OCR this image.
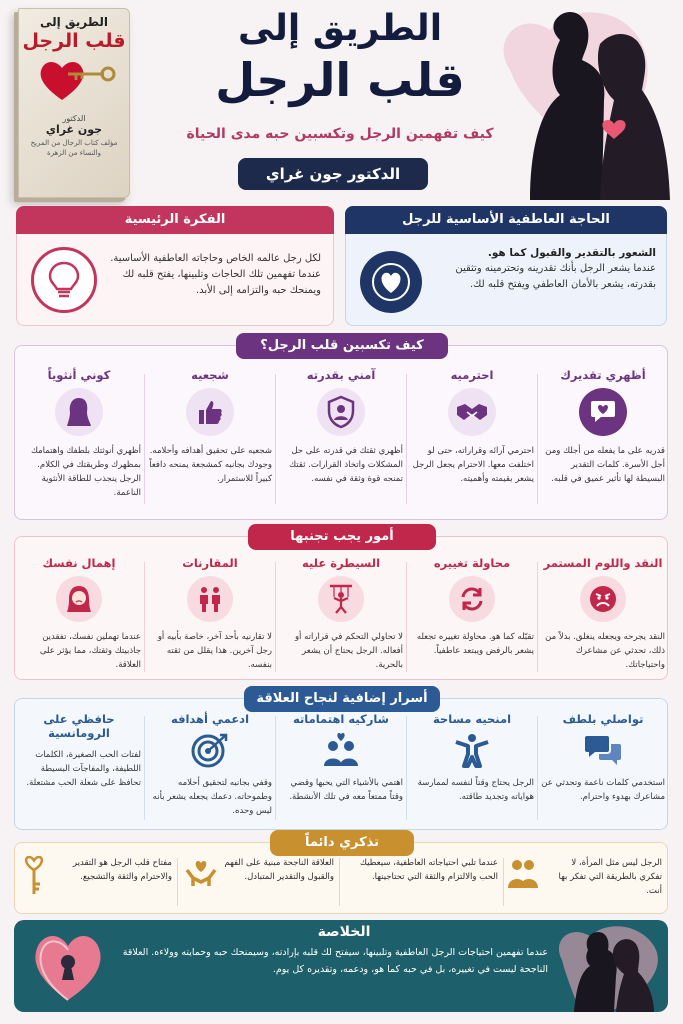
الطريق إلى
قلب الرجل
الدكتور
جون غراي
مؤلف كتاب الرجال من المريخ والنساء من الزهرة
الطريق إلى
قلب الرجل
كيف تفهمين الرجل وتكسبين حبه مدى الحياة
الدكتور جون غراي
الحاجة العاطفية الأساسية للرجل
الشعور بالتقدير والقبول كما هو.
عندما يشعر الرجل بأنك تقدرينه وتحترمينه وتثقين بقدرته، يشعر بالأمان العاطفي ويفتح قلبه لك.
الفكرة الرئيسية
لكل رجل عالمه الخاص وحاجاته العاطفية الأساسية. عندما تفهمين تلك الحاجات وتلبينها، يفتح قلبه لك ويمنحك حبه والتزامه إلى الأبد.
كيف تكسبين قلب الرجل؟
أظهري تقديرك
قدريه على ما يفعله من أجلك ومن أجل الأسرة. كلمات التقدير البسيطة لها تأثير عميق في قلبه.
احترميه
احترمي آرائه وقراراته، حتى لو اختلفت معها. الاحترام يجعل الرجل يشعر بقيمته وأهميته.
آمني بقدرته
أظهري ثقتك في قدرته على حل المشكلات واتخاذ القرارات. ثقتك تمنحه قوة وثقة في نفسه.
شجعيه
شجعيه على تحقيق أهدافه وأحلامه. وجودك بجانبه كمشجعة يمنحه دافعاً كبيراً للاستمرار.
كوني أنثوياً
أظهري أنوثتك بلطفك واهتمامك بمظهرك وطريقتك في الكلام. الرجل ينجذب للطاقة الأنثوية الناعمة.
أمور يجب تجنبها
النقد واللوم المستمر
النقد يجرحه ويجعله ينغلق. بدلاً من ذلك، تحدثي عن مشاعرك واحتياجاتك.
محاولة تغييره
تقبّله كما هو. محاولة تغييره تجعله يشعر بالرفض ويبتعد عاطفياً.
السيطرة عليه
لا تحاولي التحكم في قراراته أو أفعاله. الرجل يحتاج أن يشعر بالحرية.
المقارنات
لا تقارنيه بأحد آخر، خاصة بأبيه أو رجل آخرين. هذا يقلل من ثقته بنفسه.
إهمال نفسك
عندما تهملين نفسك، تفقدين جاذبيتك وثقتك، مما يؤثر على العلاقة.
أسرار إضافية لنجاح العلاقة
تواصلي بلطف
استخدمي كلمات ناعمة وتحدثي عن مشاعرك بهدوء واحترام.
امنحيه مساحة
الرجل يحتاج وقتاً لنفسه لممارسة هواياته وتجديد طاقته.
شاركيه اهتماماته
اهتمي بالأشياء التي يحبها وقضي وقتاً ممتعاً معه في تلك الأنشطة.
ادعمي أهدافه
وقفي بجانبه لتحقيق أحلامه وطموحاته. دعمك يجعله يشعر بأنه ليس وحده.
حافظي على الرومانسية
لفتات الحب الصغيرة، الكلمات اللطيفة، والمفاجآت البسيطة تحافظ على شعلة الحب مشتعلة.
تذكري دائماً
الرجل ليس مثل المرأة، لا تفكري بالطريقة التي تفكر بها أنت.
عندما تلبي احتياجاته العاطفية، سيعطيك الحب والالتزام والثقة التي تحتاجينها.
العلاقة الناجحة مبنية على الفهم والقبول والتقدير المتبادل.
مفتاح قلب الرجل هو التقدير والاحترام والثقة والتشجيع.
الخلاصة
عندما تفهمين احتياجات الرجل العاطفية وتلبينها، سيفتح لك قلبه بإرادته، وسيمنحك حبه وحمايته وولاءه. العلاقة الناجحة ليست في تغييره، بل في حبه كما هو، ودعمه، وتقديره كل يوم.
